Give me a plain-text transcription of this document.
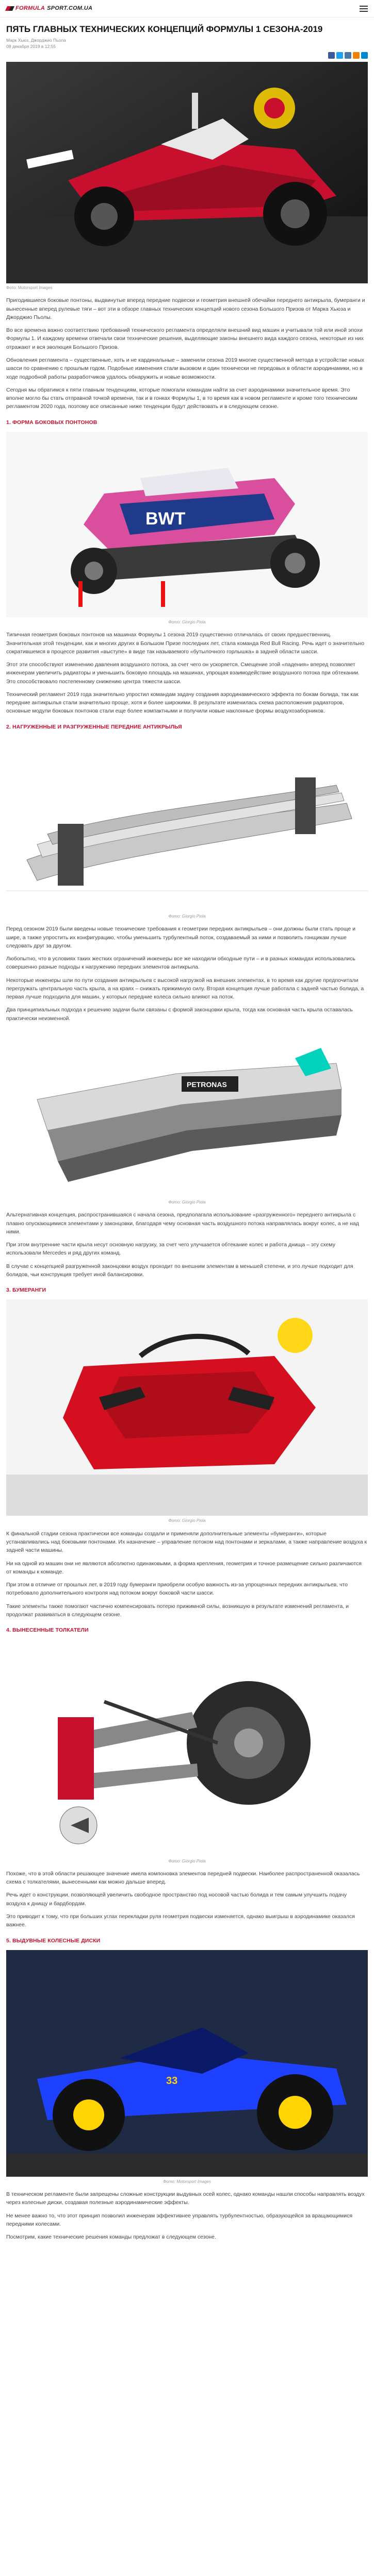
FORMULA SPORT.COM.UA
ПЯТЬ ГЛАВНЫХ ТЕХНИЧЕСКИХ КОНЦЕПЦИЙ ФОРМУЛЫ 1 СЕЗОНА-2019
Марк Хьюз, Джорджио Пьола
08 декабря 2019 в 12:55
Фото: Motorsport Images

Пригодившиеся боковые понтоны, выдвинутые вперед передние подвески и геометрия внешней обечайки переднего антикрыла, бумеранги и вынесенные вперед рулевые тяги – вот эти в обзоре главных технических концепций нового сезона Большого Призов от Марка Хьюза и Джорджио Пьолы.

Во все времена важно соответствию требований технического регламента определяли внешний вид машин и учитывали той или иной эпохи Формулы 1. И каждому времени отвечали свои технические решения, выделяющие законы внешнего вида каждого сезона, некоторые из них отражают и вся эволюция Большого Призов.

Обновления регламента – существенные, хоть и не кардинальные – заменили сезона 2019 многие существенной метода в устройстве новых шасси по сравнению с прошлым годом. Подобные изменения стали вызовом и один технически не передовых в области аэродинамики, но в ходе подробной работы разработчиков удалось обнаружить и новые возможности.

Сегодня мы обратимся к пяти главным тенденциям, которые помогали командам найти за счет аэродинамики значительное время. Это вполне могло бы стать отправной точкой времени, так и в гонках Формулы 1, в то время как в новом регламенте и кроме того техническим регламентом 2020 года, поэтому все описанные ниже тенденции будут действовать и в следующем сезоне.

1. ФОРМА БОКОВЫХ ПОНТОНОВ
BWT
Фото: Giorgio Piola

Типичная геометрия боковых понтонов на машинах Формулы 1 сезона 2019 существенно отличалась от своих предшественниц. Значительная этой тенденции, как и многих других в Большом Призе последних лет, стала команда Red Bull Racing. Речь идет о значительно сократившемся в процессе развития «выступе» в виде так называемого «бутылочного горлышка» в задней области шасси.

Этот эти способствуют изменению давления воздушного потока, за счет чего он ускоряется. Смещение этой «падения» вперед позволяет инженерам увеличить радиаторы и уменьшить боковую площадь на машинах, упрощая взаимодействие воздушного потока при обтекании. Это способствовало постепенному снижению центра тяжести шасси.

Технический регламент 2019 года значительно упростил командам задачу создания аэродинамического эффекта по бокам болида, так как передние антикрылья стали значительно проще, хотя и более широкими. В результате изменилась схема расположения радиаторов, основные модули боковых понтонов стали еще более компактными и получили новые наклонные формы воздухозаборников.

2. НАГРУЖЕННЫЕ И РАЗГРУЖЕННЫЕ ПЕРЕДНИЕ АНТИКРЫЛЬЯ
Фото: Giorgio Piola

Перед сезоном 2019 были введены новые технические требования к геометрии передних антикрыльев – они должны были стать проще и шире, а также упростить их конфигурацию, чтобы уменьшить турбулентный поток, создаваемый за ними и позволить гонщикам лучше следовать друг за другом.

Любопытно, что в условиях таких жестких ограничений инженеры все же находили обходные пути – и в разных командах использовались совершенно разные подходы к нагружению передних элементов антикрыла.

Некоторые инженеры шли по пути создания антикрыльев с высокой нагрузкой на внешних элементах, в то время как другие предпочитали перегружать центральную часть крыла, а на краях – снижать прижимную силу. Вторая концепция лучше работала с задней частью болида, а первая лучше подходила для машин, у которых передние колеса сильно влияют на поток.

Два принципиальных подхода к решению задачи были связаны с формой законцовки крыла, тогда как основная часть крыла оставалась практически неизменной.

PETRONAS
Фото: Giorgio Piola

Альтернативная концепция, распространившаяся с начала сезона, предполагала использование «разгруженного» переднего антикрыла с плавно опускающимися элементами у законцовки, благодаря чему основная часть воздушного потока направлялась вокруг колес, а не над ними.

При этом внутренние части крыла несут основную нагрузку, за счет чего улучшается обтекание колес и работа днища – эту схему использовали Mercedes и ряд других команд.

В случае с концепцией разгруженной законцовки воздух проходит по внешним элементам в меньшей степени, и это лучше подходит для болидов, чьи конструкция требует иной балансировки.

3. БУМЕРАНГИ
Фото: Giorgio Piola

К финальной стадии сезона практически все команды создали и применяли дополнительные элементы «бумеранги», которые устанавливались над боковыми понтонами. Их назначение – управление потоком над понтонами и зеркалами, а также направление воздуха к задней части машины.

Ни на одной из машин они не являются абсолютно одинаковыми, а форма крепления, геометрия и точное размещение сильно различаются от команды к команде.

При этом в отличие от прошлых лет, в 2019 году бумеранги приобрели особую важность из-за упрощенных передних антикрыльев, что потребовало дополнительного контроля над потоком вокруг боковой части шасси.

Такие элементы также помогают частично компенсировать потерю прижимной силы, возникшую в результате изменений регламента, и продолжат развиваться в следующем сезоне.

4. ВЫНЕСЕННЫЕ ТОЛКАТЕЛИ
Фото: Giorgio Piola

Похоже, что в этой области решающее значение имела компоновка элементов передней подвески. Наиболее распространенной оказалась схема с толкателями, вынесенными как можно дальше вперед.

Речь идет о конструкции, позволяющей увеличить свободное пространство под носовой частью болида и тем самым улучшить подачу воздуха к днищу и бардбордам.

Это приводит к тому, что при больших углах перекладки руля геометрия подвески изменяется, однако выигрыш в аэродинамике оказался важнее.

5. ВЫДУВНЫЕ КОЛЕСНЫЕ ДИСКИ
33
Фото: Motorsport Images

В техническом регламенте были запрещены сложные конструкции выдувных осей колес, однако команды нашли способы направлять воздух через колесные диски, создавая полезные аэродинамические эффекты.

Не менее важно то, что этот принцип позволил инженерам эффективнее управлять турбулентностью, образующейся за вращающимися передними колесами.

Посмотрим, какие технические решения команды предложат в следующем сезоне.
